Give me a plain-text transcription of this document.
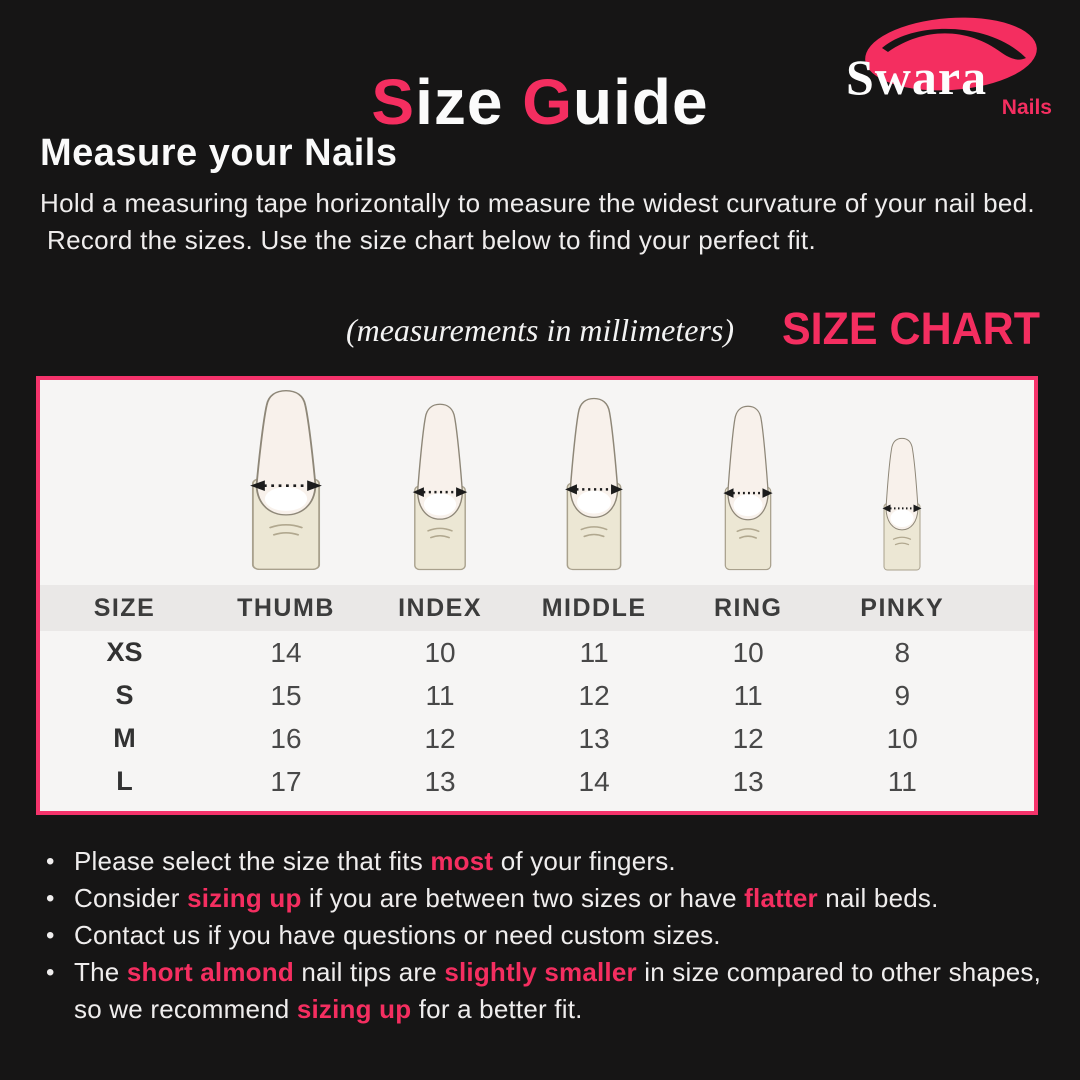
Size Guide	Swara
Nails
Measure your Nails
Hold a measuring tape horizontally to measure the widest curvature of your nail bed.
Record the sizes. Use the size chart below to find your perfect fit.
(measurements in millimeters) SIZE CHART
SIZE	THUMB	INDEX	MIDDLE	RING	PINKY	
XS	14	10	11	10	8	
S	15	11	12	11	9	
M	16	12	13	12	10	
L	17	13	14	13	11	
• Please select the size that fits most of your fingers.
• Consider sizing up if you are between two sizes or have flatter nail beds.
• Contact us if you have questions or need custom sizes.
• The short almond nail tips are slightly smaller in size compared to other shapes,
so we recommend sizing up for a better fit.
